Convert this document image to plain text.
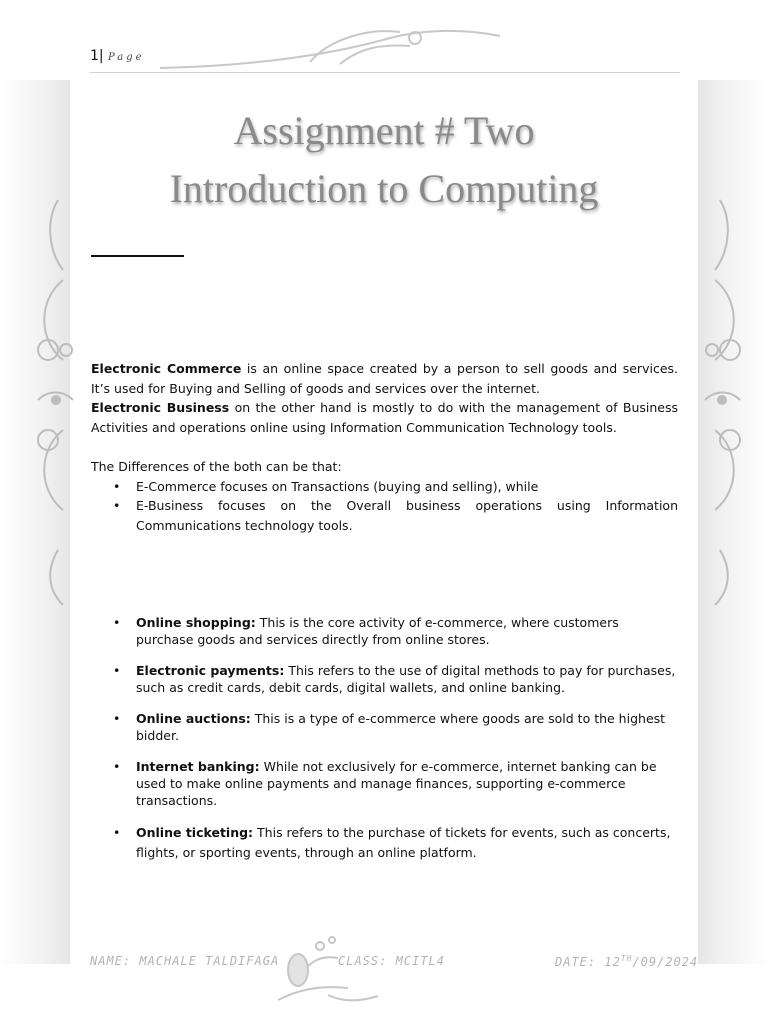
1| Page
Assignment # Two
Introduction to Computing
Electronic Commerce is an online space created by a person to sell goods and services. It’s used for Buying and Selling of goods and services over the internet.
Electronic Business on the other hand is mostly to do with the management of Business Activities and operations online using Information Communication Technology tools.
The Differences of the both can be that:
• E-Commerce focuses on Transactions (buying and selling), while
• E-Business focuses on the Overall business operations using Information Communications technology tools.
• Online shopping: This is the core activity of e-commerce, where customers purchase goods and services directly from online stores.
• Electronic payments: This refers to the use of digital methods to pay for purchases, such as credit cards, debit cards, digital wallets, and online banking.
• Online auctions: This is a type of e-commerce where goods are sold to the highest bidder.
• Internet banking: While not exclusively for e-commerce, internet banking can be used to make online payments and manage finances, supporting e-commerce transactions.
• Online ticketing: This refers to the purchase of tickets for events, such as concerts, flights, or sporting events, through an online platform.
NAME: MACHALE TALDIFAGA	CLASS: MCITL4	DATE: 12TH/09/2024
